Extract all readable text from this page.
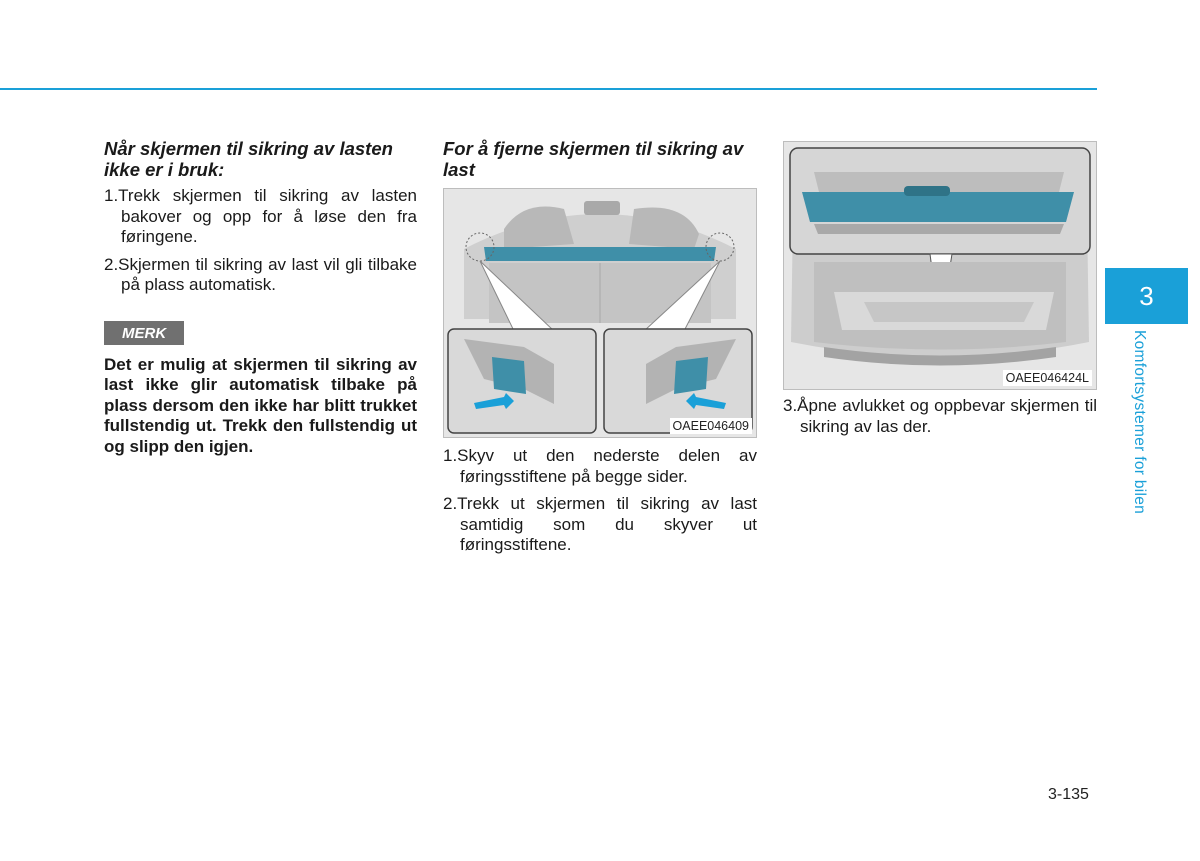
Når skjermen til sikring av lasten ikke er i bruk:
1.Trekk skjermen til sikring av lasten bakover og opp for å løse den fra føringene.
2.Skjermen til sikring av last vil gli tilbake på plass automatisk.
MERK

Det er mulig at skjermen til sikring av last ikke glir automatisk tilbake på plass dersom den ikke har blitt trukket fullstendig ut. Trekk den fullstendig ut og slipp den igjen.

For å fjerne skjermen til sikring av last
OAEE046409
1.Skyv ut den nederste delen av føringsstiftene på begge sider.
2.Trekk ut skjermen til sikring av last samtidig som du skyver ut føringsstiftene.
OAEE046424L
3.Åpne avlukket og oppbevar skjermen til sikring av las der.
3
Komfortsystemer for bilen
3-135
